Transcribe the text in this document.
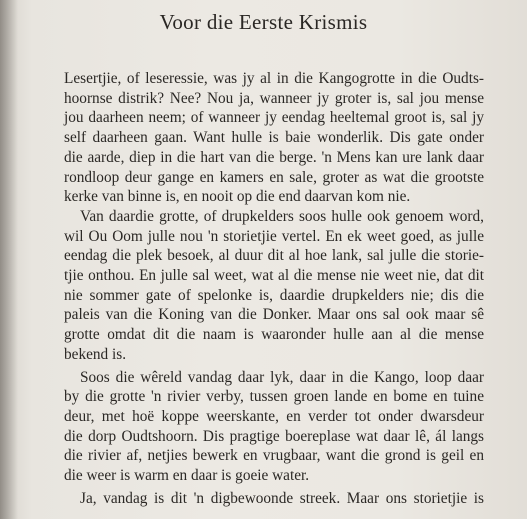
Voor die Eerste Krismis
Lesertjie, of leseressie, was jy al in die Kangogrotte in die Oudts-
hoornse distrik? Nee? Nou ja, wanneer jy groter is, sal jou mense
jou daarheen neem; of wanneer jy eendag heeltemal groot is, sal jy
self daarheen gaan. Want hulle is baie wonderlik. Dis gate onder
die aarde, diep in die hart van die berge. 'n Mens kan ure lank daar
rondloop deur gange en kamers en sale, groter as wat die grootste
kerke van binne is, en nooit op die end daarvan kom nie.
Van daardie grotte, of drupkelders soos hulle ook genoem word,
wil Ou Oom julle nou 'n storietjie vertel. En ek weet goed, as julle
eendag die plek besoek, al duur dit al hoe lank, sal julle die storie-
tjie onthou. En julle sal weet, wat al die mense nie weet nie, dat dit
nie sommer gate of spelonke is, daardie drupkelders nie; dis die
paleis van die Koning van die Donker. Maar ons sal ook maar sê
grotte omdat dit die naam is waaronder hulle aan al die mense
bekend is.
Soos die wêreld vandag daar lyk, daar in die Kango, loop daar
by die grotte 'n rivier verby, tussen groen lande en bome en tuine
deur, met hoë koppe weerskante, en verder tot onder dwarsdeur
die dorp Oudtshoorn. Dis pragtige boereplase wat daar lê, ál langs
die rivier af, netjies bewerk en vrugbaar, want die grond is geil en
die weer is warm en daar is goeie water.
Ja, vandag is dit 'n digbewoonde streek. Maar ons storietjie is
